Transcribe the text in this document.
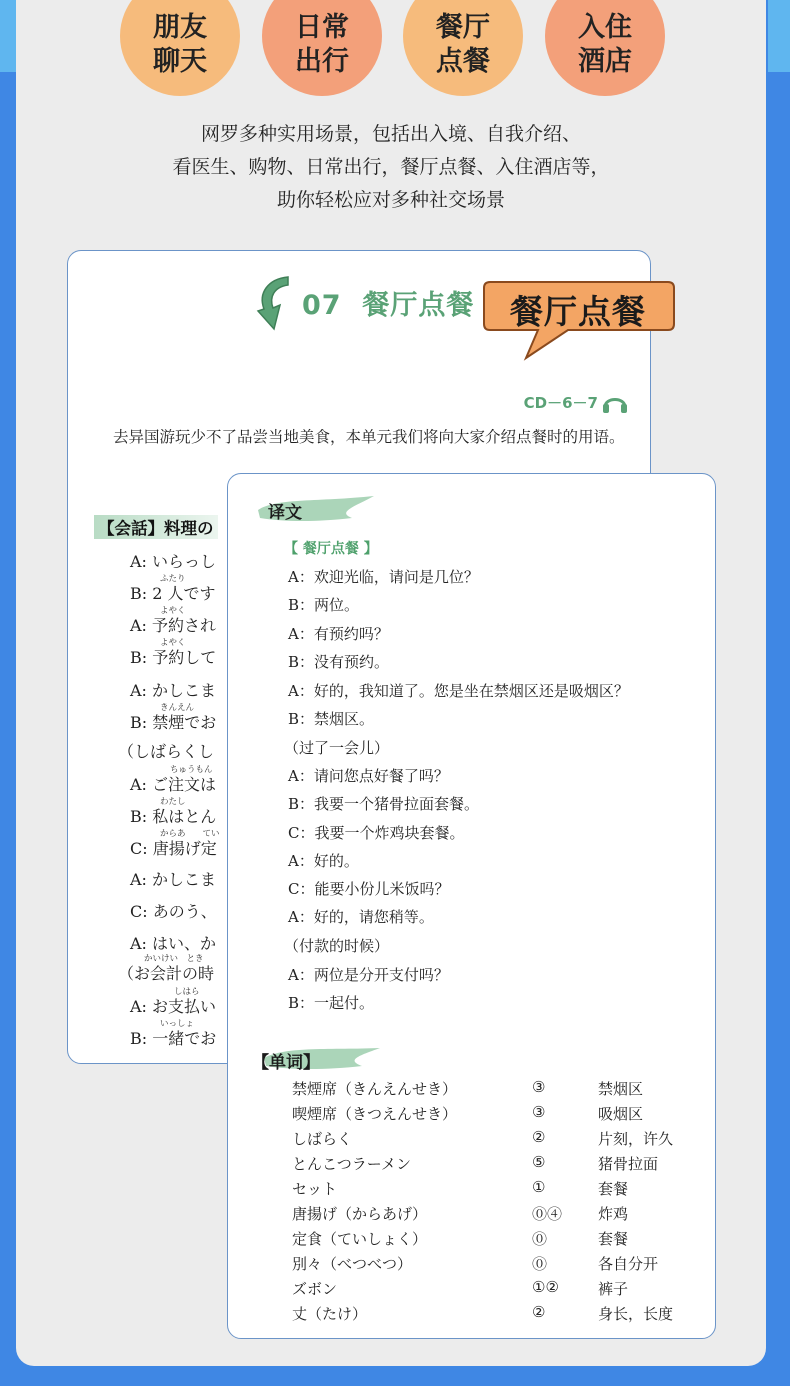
朋友
聊天
日常
出行
餐厅
点餐
入住
酒店
网罗多种实用场景，包括出入境、自我介绍、
看医生、购物、日常出行，餐厅点餐、入住酒店等，
助你轻松应对多种社交场景
07 餐厅点餐
CD－6－7
去异国游玩少不了品尝当地美食，本单元我们将向大家介绍点餐时的用语。
【会話】料理の
A: いらっし
ふたり
B: 2 人です
よやく
A: 予約され
よやく
B: 予約して
A: かしこま
きんえん
B: 禁煙でお
（しばらくし
ちゅうもん
A: ご注文は
わたし
B: 私はとん
からあ　　てい
C: 唐揚げ定
A: かしこま
C: あのう、
A: はい、か
かいけい　とき
（お会計の時
しはら
A: お支払い
いっしょ
B: 一緒でお
餐厅点餐
译文
【 餐厅点餐 】
A：欢迎光临，请问是几位？
B：两位。
A：有预约吗？
B：没有预约。
A：好的，我知道了。您是坐在禁烟区还是吸烟区？
B：禁烟区。
（过了一会儿）
A：请问您点好餐了吗？
B：我要一个猪骨拉面套餐。
C：我要一个炸鸡块套餐。
A：好的。
C：能要小份儿米饭吗？
A：好的，请您稍等。
（付款的时候）
A：两位是分开支付吗？
B：一起付。
【单词】
禁煙席（きんえんせき）	③	禁烟区
喫煙席（きつえんせき）	③	吸烟区
しばらく	②	片刻，许久
とんこつラーメン	⑤	猪骨拉面
セット	①	套餐
唐揚げ（からあげ）	⓪④ 炸鸡
定食（ていしょく）	⓪	套餐
別々（べつべつ）	⓪	各自分开
ズボン	①②	裤子
丈（たけ）	②	身长，长度
